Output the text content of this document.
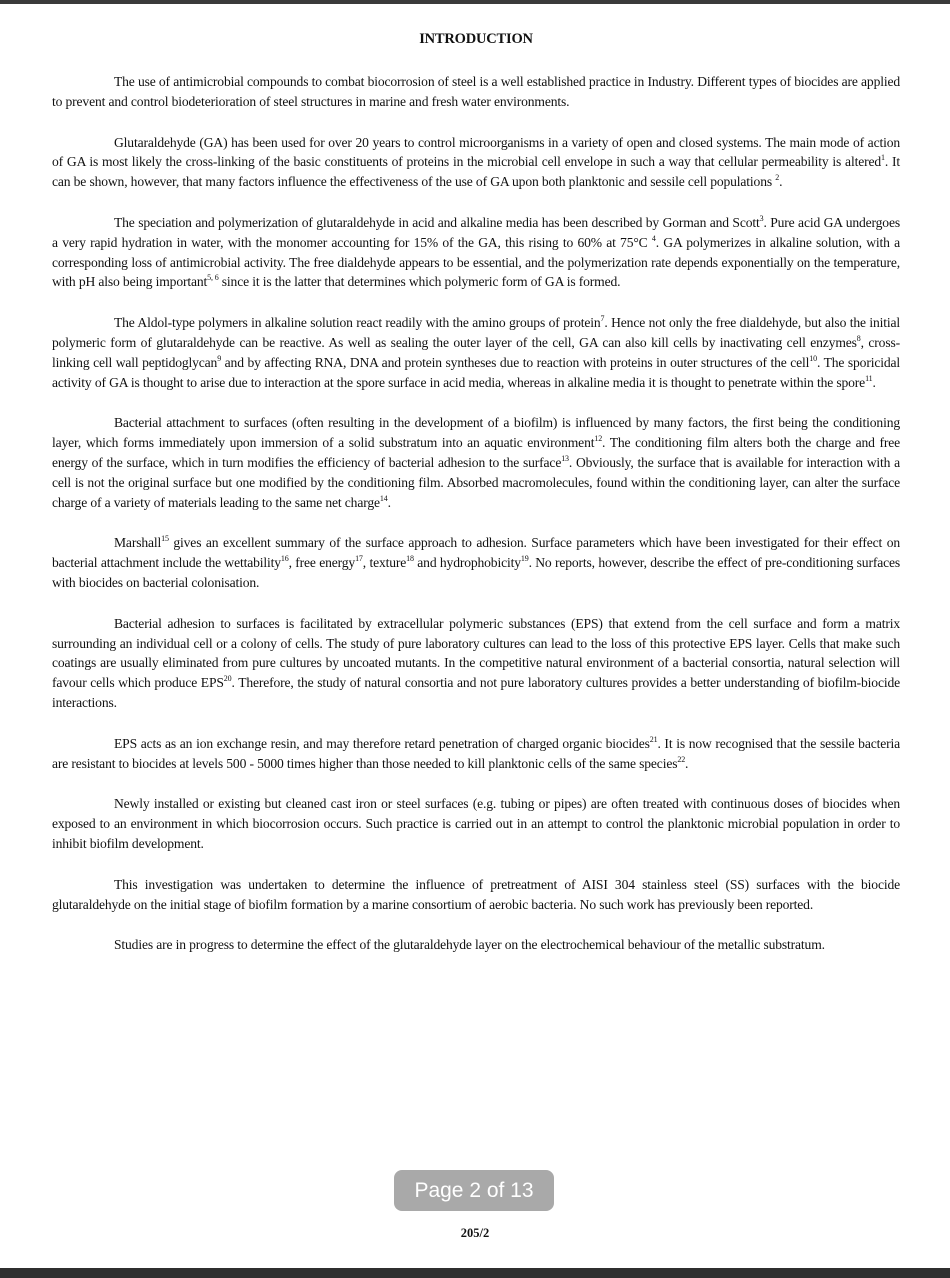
INTRODUCTION

The use of antimicrobial compounds to combat biocorrosion of steel is a well established practice in Industry. Different types of biocides are applied to prevent and control biodeterioration of steel structures in marine and fresh water environments.

Glutaraldehyde (GA) has been used for over 20 years to control microorganisms in a variety of open and closed systems. The main mode of action of GA is most likely the cross-linking of the basic constituents of proteins in the microbial cell envelope in such a way that cellular permeability is altered$^1$. It can be shown, however, that many factors influence the effectiveness of the use of GA upon both planktonic and sessile cell populations $^2$.

The speciation and polymerization of glutaraldehyde in acid and alkaline media has been described by Gorman and Scott$^3$. Pure acid GA undergoes a very rapid hydration in water, with the monomer accounting for 15% of the GA, this rising to 60% at 75°C $^4$. GA polymerizes in alkaline solution, with a corresponding loss of antimicrobial activity. The free dialdehyde appears to be essential, and the polymerization rate depends exponentially on the temperature, with pH also being important$^{5, 6}$ since it is the latter that determines which polymeric form of GA is formed.

The Aldol-type polymers in alkaline solution react readily with the amino groups of protein$^7$. Hence not only the free dialdehyde, but also the initial polymeric form of glutaraldehyde can be reactive. As well as sealing the outer layer of the cell, GA can also kill cells by inactivating cell enzymes$^8$, cross-linking cell wall peptidoglycan$^9$ and by affecting RNA, DNA and protein syntheses due to reaction with proteins in outer structures of the cell$^{10}$. The sporicidal activity of GA is thought to arise due to interaction at the spore surface in acid media, whereas in alkaline media it is thought to penetrate within the spore$^{11}$.

Bacterial attachment to surfaces (often resulting in the development of a biofilm) is influenced by many factors, the first being the conditioning layer, which forms immediately upon immersion of a solid substratum into an aquatic environment$^{12}$. The conditioning film alters both the charge and free energy of the surface, which in turn modifies the efficiency of bacterial adhesion to the surface$^{13}$. Obviously, the surface that is available for interaction with a cell is not the original surface but one modified by the conditioning film. Absorbed macromolecules, found within the conditioning layer, can alter the surface charge of a variety of materials leading to the same net charge$^{14}$.

Marshall$^{15}$ gives an excellent summary of the surface approach to adhesion. Surface parameters which have been investigated for their effect on bacterial attachment include the wettability$^{16}$, free energy$^{17}$, texture$^{18}$ and hydrophobicity$^{19}$. No reports, however, describe the effect of pre-conditioning surfaces with biocides on bacterial colonisation.

Bacterial adhesion to surfaces is facilitated by extracellular polymeric substances (EPS) that extend from the cell surface and form a matrix surrounding an individual cell or a colony of cells. The study of pure laboratory cultures can lead to the loss of this protective EPS layer. Cells that make such coatings are usually eliminated from pure cultures by uncoated mutants. In the competitive natural environment of a bacterial consortia, natural selection will favour cells which produce EPS$^{20}$. Therefore, the study of natural consortia and not pure laboratory cultures provides a better understanding of biofilm-biocide interactions.

EPS acts as an ion exchange resin, and may therefore retard penetration of charged organic biocides$^{21}$. It is now recognised that the sessile bacteria are resistant to biocides at levels 500 - 5000 times higher than those needed to kill planktonic cells of the same species$^{22}$.

Newly installed or existing but cleaned cast iron or steel surfaces (e.g. tubing or pipes) are often treated with continuous doses of biocides when exposed to an environment in which biocorrosion occurs. Such practice is carried out in an attempt to control the planktonic microbial population in order to inhibit biofilm development.

This investigation was undertaken to determine the influence of pretreatment of AISI 304 stainless steel (SS) surfaces with the biocide glutaraldehyde on the initial stage of biofilm formation by a marine consortium of aerobic bacteria. No such work has previously been reported.

Studies are in progress to determine the effect of the glutaraldehyde layer on the electrochemical behaviour of the metallic substratum.

Page 2 of 13
205/2
